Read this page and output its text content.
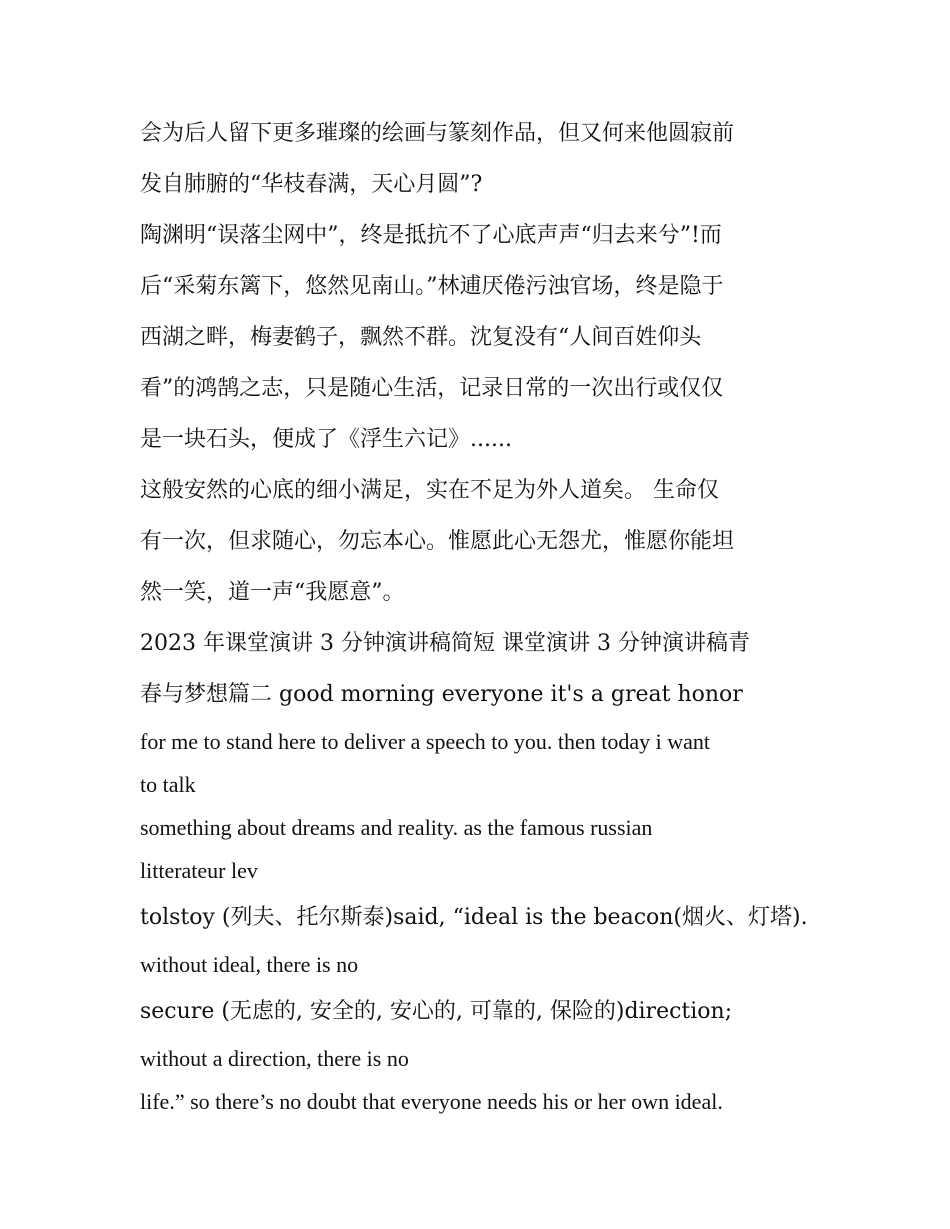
会为后人留下更多璀璨的绘画与篆刻作品，但又何来他圆寂前

发自肺腑的“华枝春满，天心月圆”?

陶渊明“误落尘网中”，终是抵抗不了心底声声“归去来兮”!而

后“采菊东篱下，悠然见南山。”林逋厌倦污浊官场，终是隐于

西湖之畔，梅妻鹤子，飘然不群。沈复没有“人间百姓仰头

看”的鸿鹄之志，只是随心生活，记录日常的一次出行或仅仅

是一块石头，便成了《浮生六记》......

这般安然的心底的细小满足，实在不足为外人道矣。 生命仅

有一次，但求随心，勿忘本心。惟愿此心无怨尤，惟愿你能坦

然一笑，道一声“我愿意”。

2023 年课堂演讲 3 分钟演讲稿简短 课堂演讲 3 分钟演讲稿青

春与梦想篇二 good morning everyone it's a great honor

for me to stand here to deliver a speech to you. then today i want

to talk

something about dreams and reality. as the famous russian

litterateur lev

tolstoy (列夫、托尔斯泰)said, “ideal is the beacon(烟火、灯塔).

without ideal, there is no

secure (无虑的, 安全的, 安心的, 可靠的, 保险的)direction;

without a direction, there is no

life.” so there’s no doubt that everyone needs his or her own ideal.
